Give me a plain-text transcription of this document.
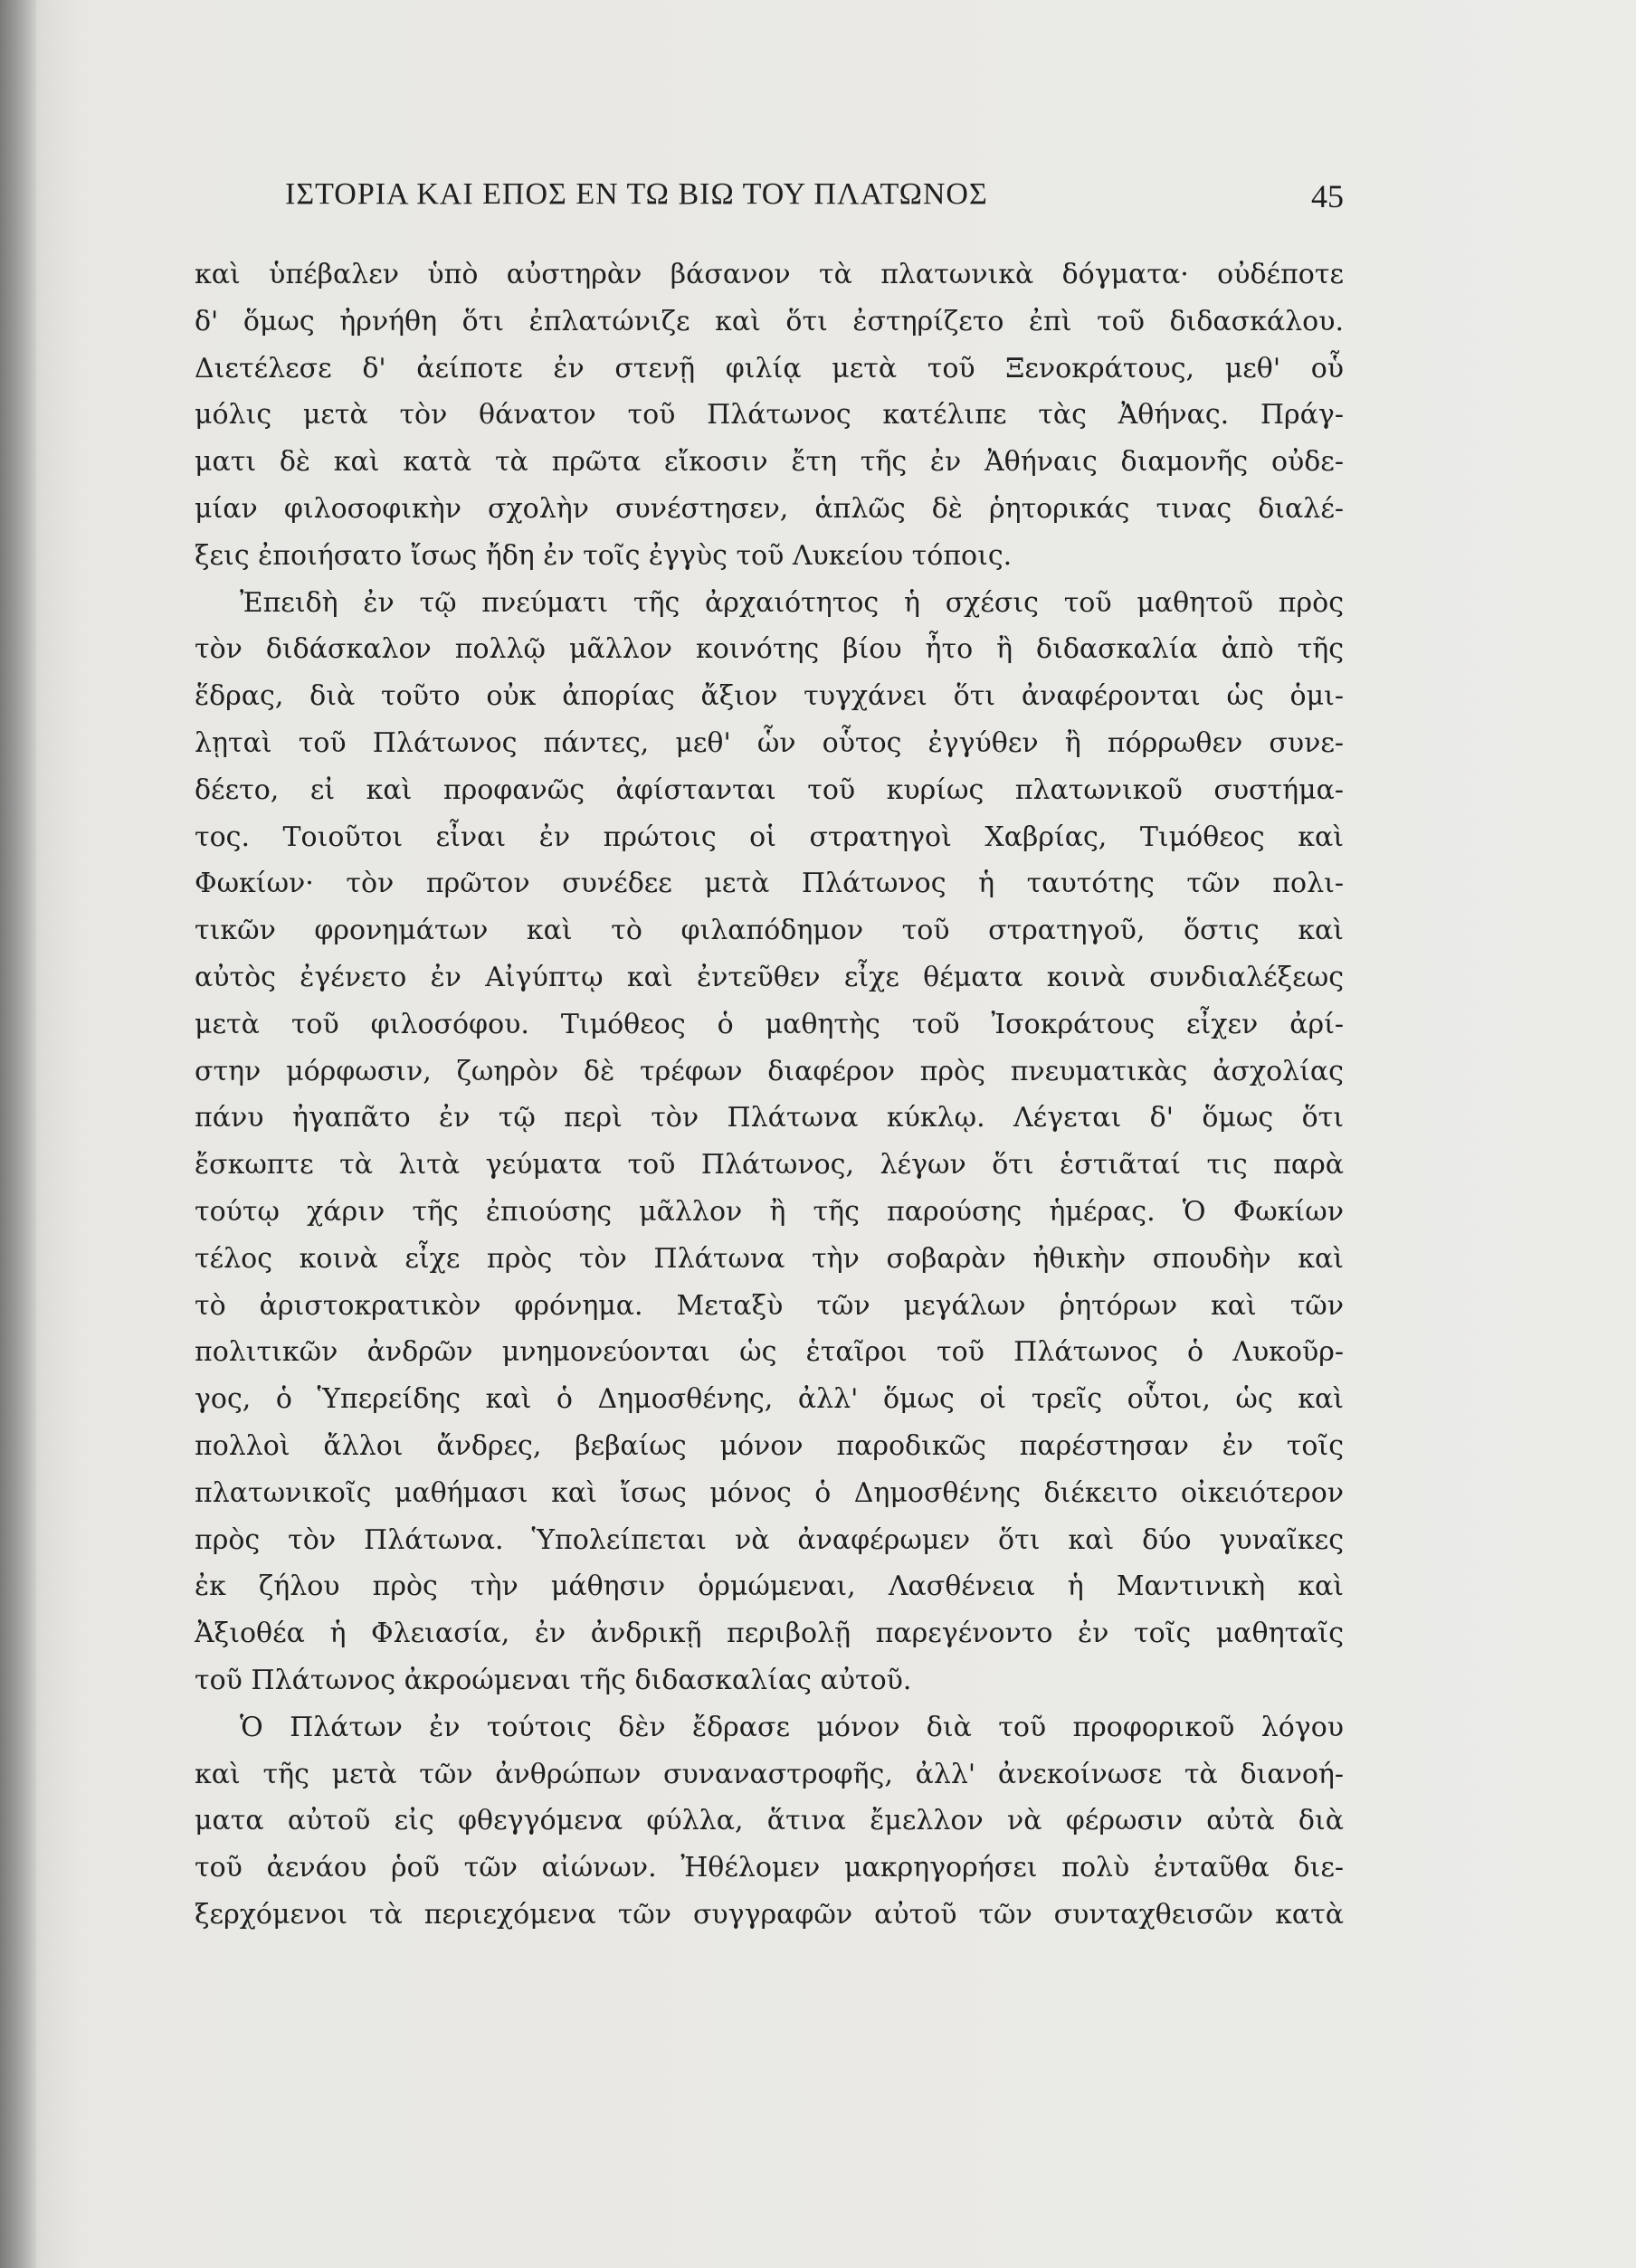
ΙΣΤΟΡΙΑ ΚΑΙ ΕΠΟΣ ΕΝ ΤΩ ΒΙΩ ΤΟΥ ΠΛΑΤΩΝΟΣ	45
καὶ ὑπέβαλεν ὑπὸ αὐστηρὰν βάσανον τὰ πλατωνικὰ δόγματα· οὐδέποτε
δ' ὅμως ἠρνήθη ὅτι ἐπλατώνιζε καὶ ὅτι ἐστηρίζετο ἐπὶ τοῦ διδασκάλου.
Διετέλεσε δ' ἀείποτε ἐν στενῇ φιλίᾳ μετὰ τοῦ Ξενοκράτους, μεθ' οὗ
μόλις μετὰ τὸν θάνατον τοῦ Πλάτωνος κατέλιπε τὰς Ἀθήνας. Πράγ-
ματι δὲ καὶ κατὰ τὰ πρῶτα εἴκοσιν ἔτη τῆς ἐν Ἀθήναις διαμονῆς οὐδε-
μίαν φιλοσοφικὴν σχολὴν συνέστησεν, ἁπλῶς δὲ ῥητορικάς τινας διαλέ-
ξεις ἐποιήσατο ἴσως ἤδη ἐν τοῖς ἐγγὺς τοῦ Λυκείου τόποις.
Ἐπειδὴ ἐν τῷ πνεύματι τῆς ἀρχαιότητος ἡ σχέσις τοῦ μαθητοῦ πρὸς
τὸν διδάσκαλον πολλῷ μᾶλλον κοινότης βίου ἦτο ἢ διδασκαλία ἀπὸ τῆς
ἕδρας, διὰ τοῦτο οὐκ ἀπορίας ἄξιον τυγχάνει ὅτι ἀναφέρονται ὡς ὁμι-
λῃταὶ τοῦ Πλάτωνος πάντες, μεθ' ὧν οὗτος ἐγγύθεν ἢ πόρρωθεν συνε-
δέετο, εἰ καὶ προφανῶς ἀφίστανται τοῦ κυρίως πλατωνικοῦ συστήμα-
τος. Τοιοῦτοι εἶναι ἐν πρώτοις οἱ στρατηγοὶ Χαβρίας, Τιμόθεος καὶ
Φωκίων· τὸν πρῶτον συνέδεε μετὰ Πλάτωνος ἡ ταυτότης τῶν πολι-
τικῶν φρονημάτων καὶ τὸ φιλαπόδημον τοῦ στρατηγοῦ, ὅστις καὶ
αὐτὸς ἐγένετο ἐν Αἰγύπτῳ καὶ ἐντεῦθεν εἶχε θέματα κοινὰ συνδιαλέξεως
μετὰ τοῦ φιλοσόφου. Τιμόθεος ὁ μαθητὴς τοῦ Ἰσοκράτους εἶχεν ἀρί-
στην μόρφωσιν, ζωηρὸν δὲ τρέφων διαφέρον πρὸς πνευματικὰς ἀσχολίας
πάνυ ἠγαπᾶτο ἐν τῷ περὶ τὸν Πλάτωνα κύκλῳ. Λέγεται δ' ὅμως ὅτι
ἔσκωπτε τὰ λιτὰ γεύματα τοῦ Πλάτωνος, λέγων ὅτι ἑστιᾶταί τις παρὰ
τούτῳ χάριν τῆς ἐπιούσης μᾶλλον ἢ τῆς παρούσης ἡμέρας. Ὁ Φωκίων
τέλος κοινὰ εἶχε πρὸς τὸν Πλάτωνα τὴν σοβαρὰν ἠθικὴν σπουδὴν καὶ
τὸ ἀριστοκρατικὸν φρόνημα. Μεταξὺ τῶν μεγάλων ῥητόρων καὶ τῶν
πολιτικῶν ἀνδρῶν μνημονεύονται ὡς ἑταῖροι τοῦ Πλάτωνος ὁ Λυκοῦρ-
γος, ὁ Ὑπερείδης καὶ ὁ Δημοσθένης, ἀλλ' ὅμως οἱ τρεῖς οὗτοι, ὡς καὶ
πολλοὶ ἄλλοι ἄνδρες, βεβαίως μόνον παροδικῶς παρέστησαν ἐν τοῖς
πλατωνικοῖς μαθήμασι καὶ ἴσως μόνος ὁ Δημοσθένης διέκειτο οἰκειότερον
πρὸς τὸν Πλάτωνα. Ὑπολείπεται νὰ ἀναφέρωμεν ὅτι καὶ δύο γυναῖκες
ἐκ ζήλου πρὸς τὴν μάθησιν ὁρμώμεναι, Λασθένεια ἡ Μαντινικὴ καὶ
Ἀξιοθέα ἡ Φλειασία, ἐν ἀνδρικῇ περιβολῇ παρεγένοντο ἐν τοῖς μαθηταῖς
τοῦ Πλάτωνος ἀκροώμεναι τῆς διδασκαλίας αὐτοῦ.
Ὁ Πλάτων ἐν τούτοις δὲν ἔδρασε μόνον διὰ τοῦ προφορικοῦ λόγου
καὶ τῆς μετὰ τῶν ἀνθρώπων συναναστροφῆς, ἀλλ' ἀνεκοίνωσε τὰ διανοή-
ματα αὐτοῦ εἰς φθεγγόμενα φύλλα, ἅτινα ἔμελλον νὰ φέρωσιν αὐτὰ διὰ
τοῦ ἀενάου ῥοῦ τῶν αἰώνων. Ἠθέλομεν μακρηγορήσει πολὺ ἐνταῦθα διε-
ξερχόμενοι τὰ περιεχόμενα τῶν συγγραφῶν αὐτοῦ τῶν συνταχθεισῶν κατὰ
